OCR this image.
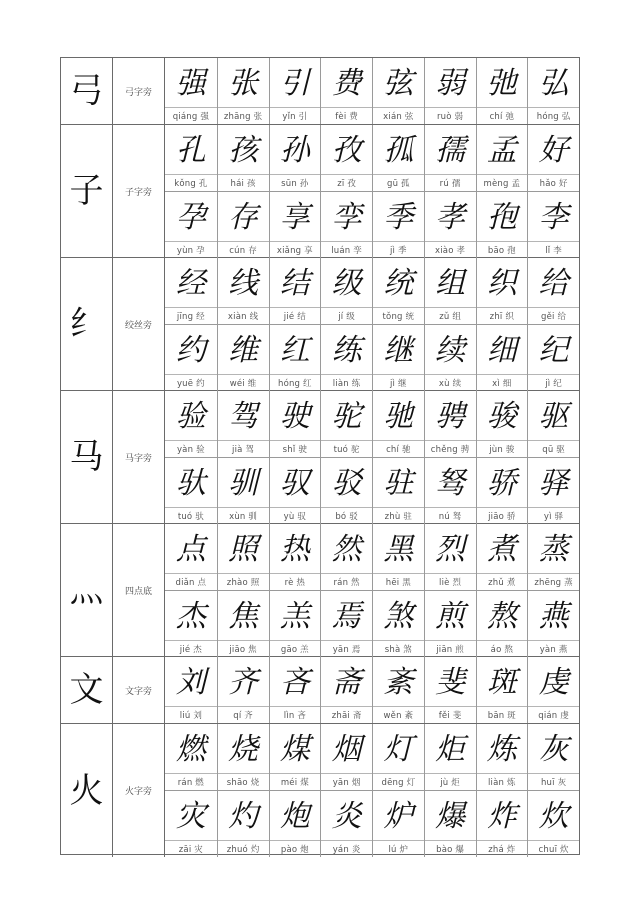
弓 弓字旁 强
qiáng 强
张
zhāng 张
引
yǐn 引
费
fèi 费
弦
xián 弦
弱
ruò 弱
弛
chí 弛
弘
hóng 弘
子 子字旁
孔
kǒng 孔
孩
hái 孩
孙
sūn 孙
孜
zī 孜
孤
gū 孤
孺
rú 孺
孟
mèng 孟
好
hǎo 好
孕
yùn 孕
存
cún 存
享
xiǎng 享
孪
luán 孪
季
jì 季
孝
xiào 孝
孢
bāo 孢
李
lǐ 李
纟 绞丝旁
经
jīng 经
线
xiàn 线
结
jié 结
级
jí 级
统
tǒng 统
组
zǔ 组
织
zhī 织
给
gěi 给
约
yuē 约
维
wéi 维
红
hóng 红
练
liàn 练
继
jì 继
续
xù 续
细
xì 细
纪
jì 纪
马 马字旁
验
yàn 验
驾
jià 驾
驶
shǐ 驶
驼
tuó 驼
驰
chí 驰
骋
chěng 骋
骏
jùn 骏
驱
qū 驱
驮
tuó 驮
驯
xùn 驯
驭
yù 驭
驳
bó 驳
驻
zhù 驻
驽
nú 驽
骄
jiāo 骄
驿
yì 驿
灬 四点底
点
diǎn 点
照
zhào 照
热
rè 热
然
rán 然
黑
hēi 黑
烈
liè 烈
煮
zhǔ 煮
蒸
zhēng 蒸
杰
jié 杰
焦
jiāo 焦
羔
gāo 羔
焉
yān 焉
煞
shà 煞
煎
jiān 煎
熬
áo 熬
燕
yàn 燕
文 文字旁 刘
liú 刘
齐
qí 齐
吝
lìn 吝
斋
zhāi 斋
紊
wěn 紊
斐
fěi 斐
斑
bān 斑
虔
qián 虔
火 火字旁
燃
rán 燃
烧
shāo 烧
煤
méi 煤
烟
yān 烟
灯
dēng 灯
炬
jù 炬
炼
liàn 炼
灰
huī 灰
灾
zāi 灾
灼
zhuó 灼
炮
pào 炮
炎
yán 炎
炉
lú 炉
爆
bào 爆
炸
zhá 炸
炊
chuī 炊
